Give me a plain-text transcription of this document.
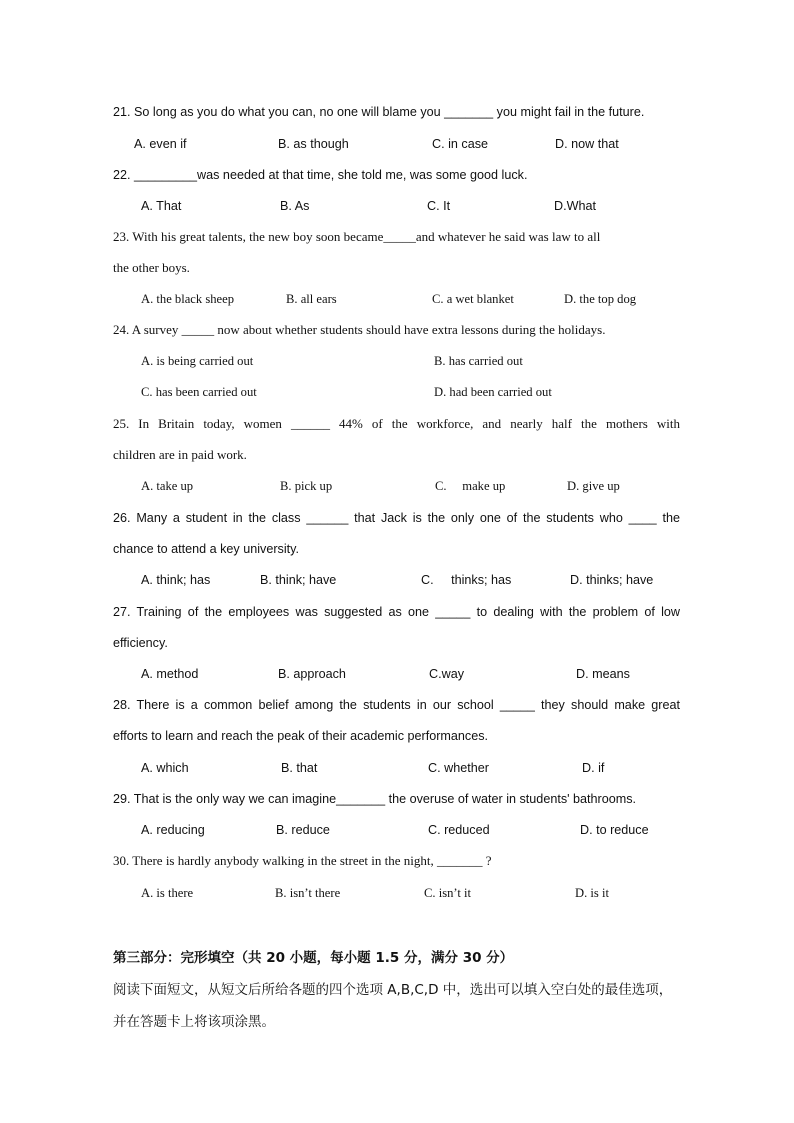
21. So long as you do what you can, no one will blame you _______ you might fail in the future.
A. even if	B. as though	C. in case	D. now that
22. _________was needed at that time, she told me, was some good luck.
A. That	B. As	C. It	D.What
23. With his great talents, the new boy soon became_____and whatever he said was law to all
the other boys.
A. the black sheep	B. all ears	C. a wet blanket	D. the top dog
24. A survey _____ now about whether students should have extra lessons during the holidays.
A. is being carried out	B. has carried out
C. has been carried out	D. had been carried out
25. In Britain today, women ______ 44% of the workforce, and nearly half the mothers with
children are in paid work.
A. take up	B. pick up	C.     make up	D. give up
26. Many a student in the class ______ that Jack is the only one of the students who ____ the
chance to attend a key university.
A. think; has	B. think; have	C.     thinks; has	D. thinks; have
27. Training of the employees was suggested as one _____ to dealing with the problem of low
efficiency.
A. method	B. approach	C.way	D. means
28. There is a common belief among the students in our school _____ they should make great
efforts to learn and reach the peak of their academic performances.
A. which	B. that	C. whether	D. if
29. That is the only way we can imagine_______ the overuse of water in students' bathrooms.
A. reducing	B. reduce	C. reduced	D. to reduce
30. There is hardly anybody walking in the street in the night, _______ ?
A. is there	B. isn’t there	C. isn’t it	D. is it
第三部分：完形填空（共 20 小题，每小题 1.5 分，满分 30 分）
阅读下面短文，从短文后所给各题的四个选项 A,B,C,D 中，选出可以填入空白处的最佳选项，
并在答题卡上将该项涂黑。
